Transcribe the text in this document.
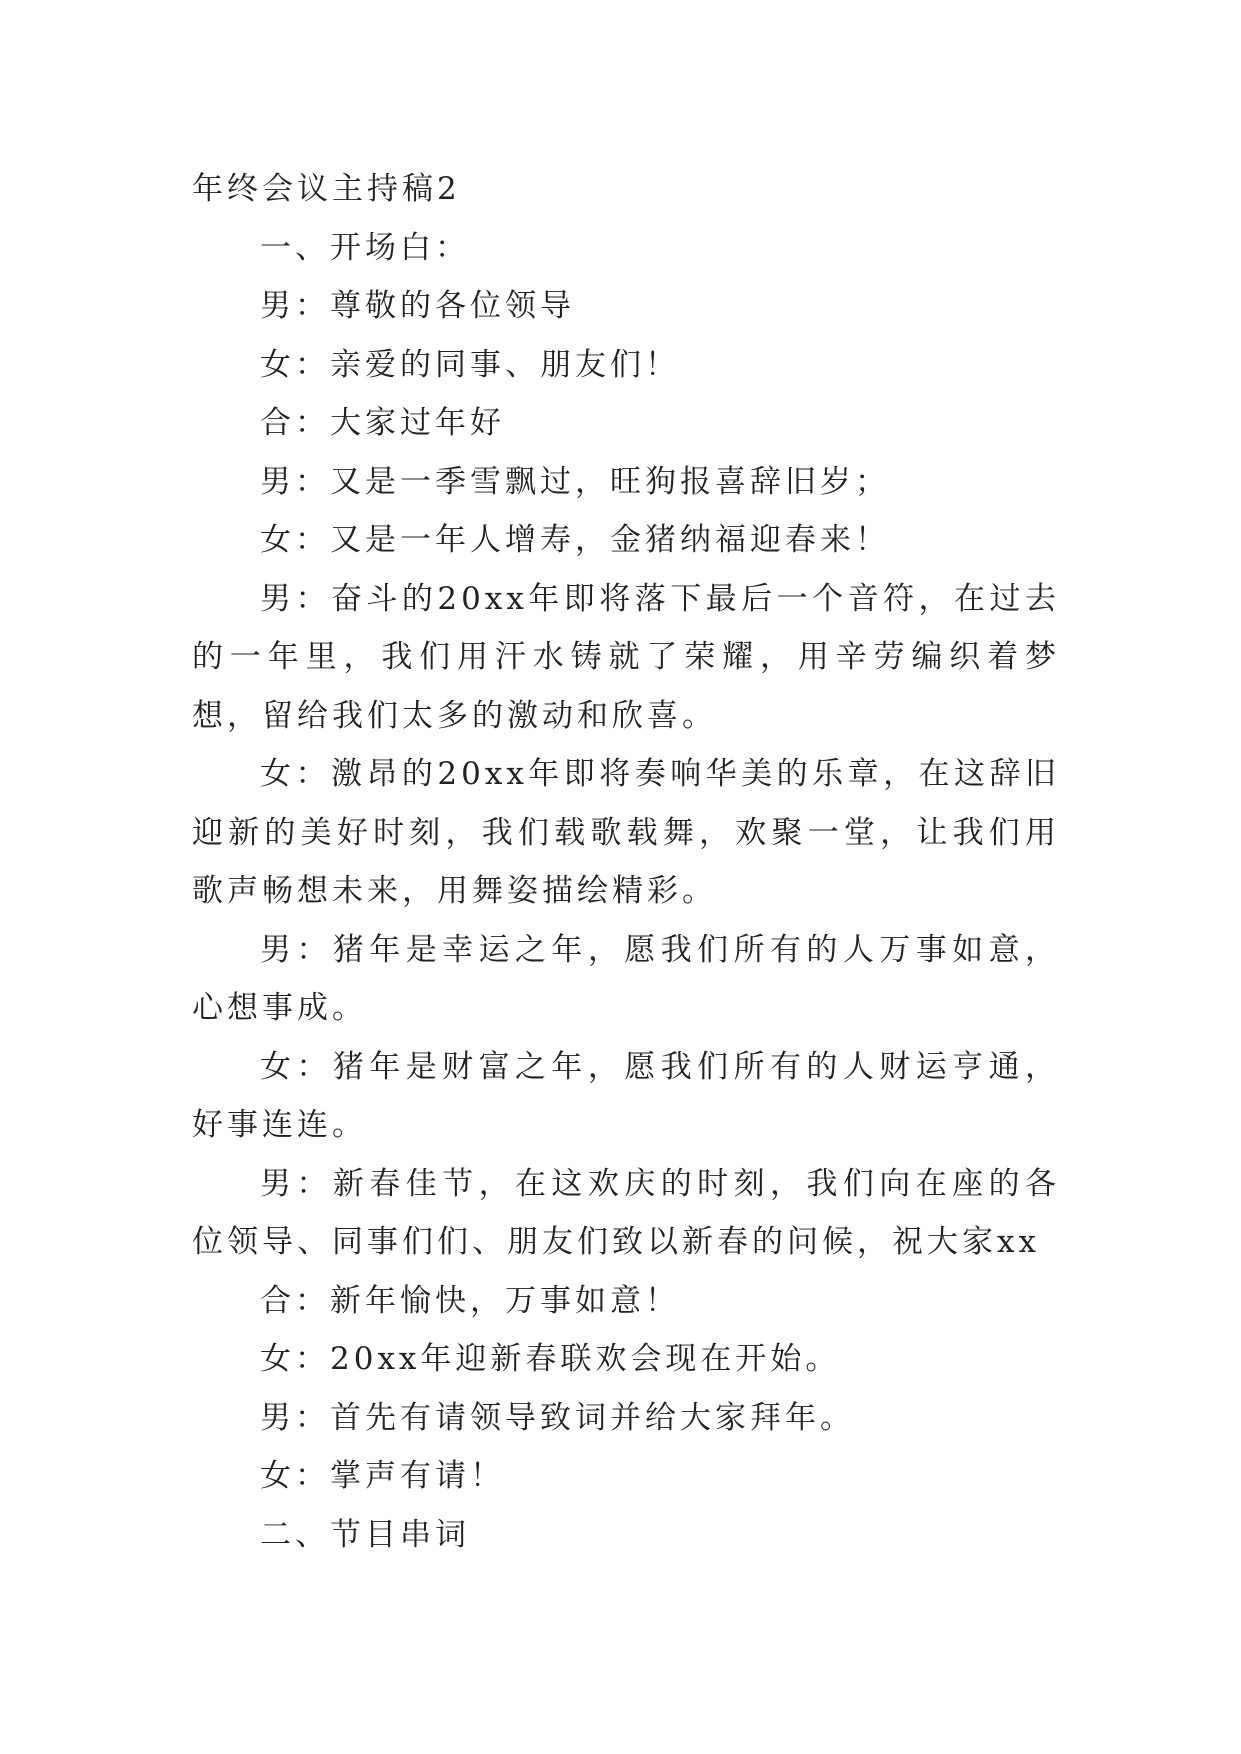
年终会议主持稿2

一、开场白：

男：尊敬的各位领导

女：亲爱的同事、朋友们！

合：大家过年好

男：又是一季雪飘过，旺狗报喜辞旧岁；

女：又是一年人增寿，金猪纳福迎春来！

男：奋斗的20xx年即将落下最后一个音符，在过去的一年里，我们用汗水铸就了荣耀，用辛劳编织着梦想，留给我们太多的激动和欣喜。

女：激昂的20xx年即将奏响华美的乐章，在这辞旧迎新的美好时刻，我们载歌载舞，欢聚一堂，让我们用歌声畅想未来，用舞姿描绘精彩。

男：猪年是幸运之年，愿我们所有的人万事如意，心想事成。

女：猪年是财富之年，愿我们所有的人财运亨通，好事连连。

男：新春佳节，在这欢庆的时刻，我们向在座的各位领导、同事们们、朋友们致以新春的问候，祝大家xx

合：新年愉快，万事如意！

女：20xx年迎新春联欢会现在开始。

男：首先有请领导致词并给大家拜年。

女：掌声有请！

二、节目串词
